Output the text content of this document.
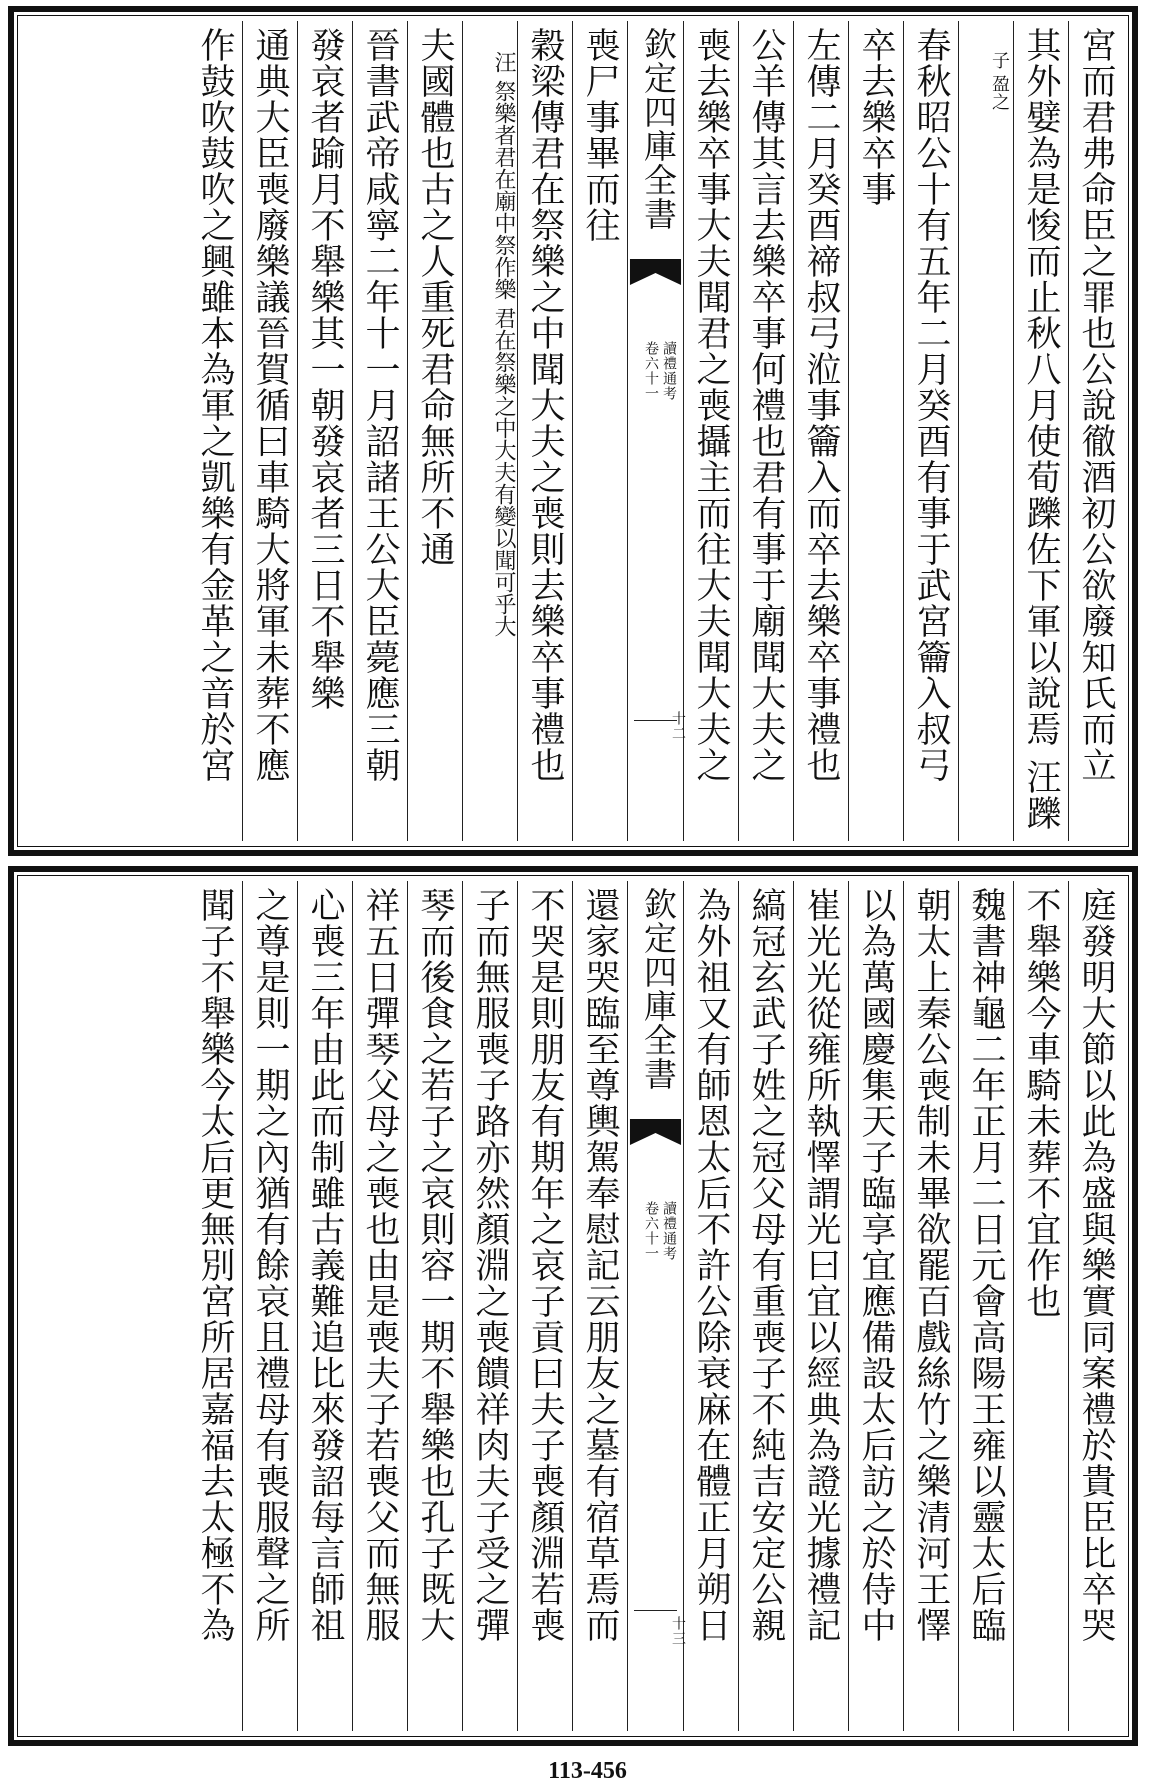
宮而君弗命臣之罪也公說徹酒初公欲廢知氏而立
其外嬖為是悛而止秋八月使荀躒佐下軍以說焉 汪躒
子 盈之
春秋昭公十有五年二月癸酉有事于武宮籥入叔弓
卒去樂卒事
左傳二月癸酉禘叔弓涖事籥入而卒去樂卒事禮也
公羊傳其言去樂卒事何禮也君有事于廟聞大夫之
喪去樂卒事大夫聞君之喪攝主而往大夫聞大夫之
欽定四庫全書
讀禮通考
卷六十一
十二
喪尸事畢而往
穀梁傳君在祭樂之中聞大夫之喪則去樂卒事禮也
汪 祭樂者君在廟中祭作樂 君在祭樂之中大夫有變以聞可乎大
夫國體也古之人重死君命無所不通
晉書武帝咸寧二年十一月詔諸王公大臣薨應三朝
發哀者踰月不舉樂其一朝發哀者三日不舉樂
通典大臣喪廢樂議晉賀循曰車騎大將軍未葬不應
作鼓吹鼓吹之興雖本為軍之凱樂有金革之音於宮
庭發明大節以此為盛與樂實同案禮於貴臣比卒哭
不舉樂今車騎未葬不宜作也
魏書神龜二年正月二日元會高陽王雍以靈太后臨
朝太上秦公喪制未畢欲罷百戲絲竹之樂清河王懌
以為萬國慶集天子臨享宜應備設太后訪之於侍中
崔光光從雍所執懌謂光曰宜以經典為證光據禮記
縞冠玄武子姓之冠父母有重喪子不純吉安定公親
為外祖又有師恩太后不許公除衰麻在體正月朔日
欽定四庫全書
讀禮通考
卷六十一
十三
還家哭臨至尊輿駕奉慰記云朋友之墓有宿草焉而
不哭是則朋友有期年之哀子貢曰夫子喪顏淵若喪
子而無服喪子路亦然顏淵之喪饋祥肉夫子受之彈
琴而後食之若子之哀則容一期不舉樂也孔子既大
祥五日彈琴父母之喪也由是喪夫子若喪父而無服
心喪三年由此而制雖古義難追比來發詔每言師祖
之尊是則一期之內猶有餘哀且禮母有喪服聲之所
聞子不舉樂今太后更無別宮所居嘉福去太極不為
113-456
